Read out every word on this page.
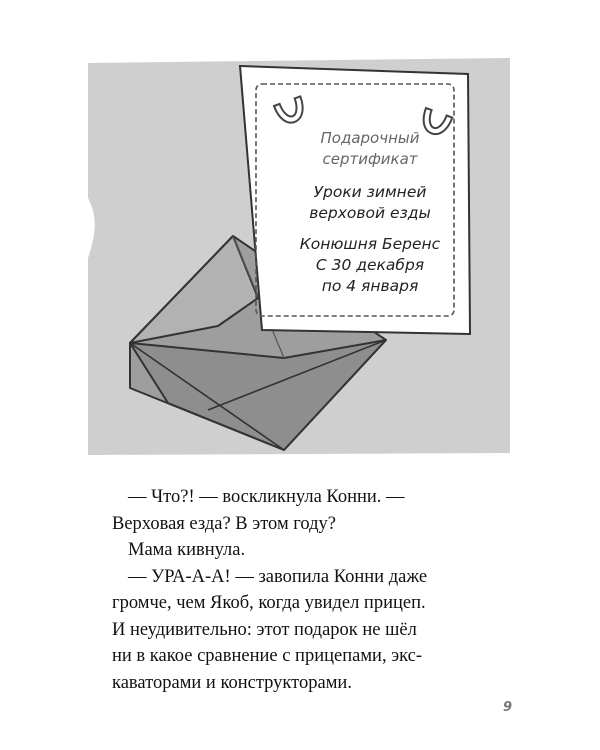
Подарочный
сертификат
Уроки зимней
верховой езды
Конюшня Беренс
С 30 декабря
по 4 января

— Что?! — воскликнула Конни. —
Верховая езда? В этом году?

Мама кивнула.

— УРА-А-А! — завопила Конни даже
громче, чем Якоб, когда увидел прицеп.
И неудивительно: этот подарок не шёл
ни в какое сравнение с прицепами, экс-
каваторами и конструкторами.

9
